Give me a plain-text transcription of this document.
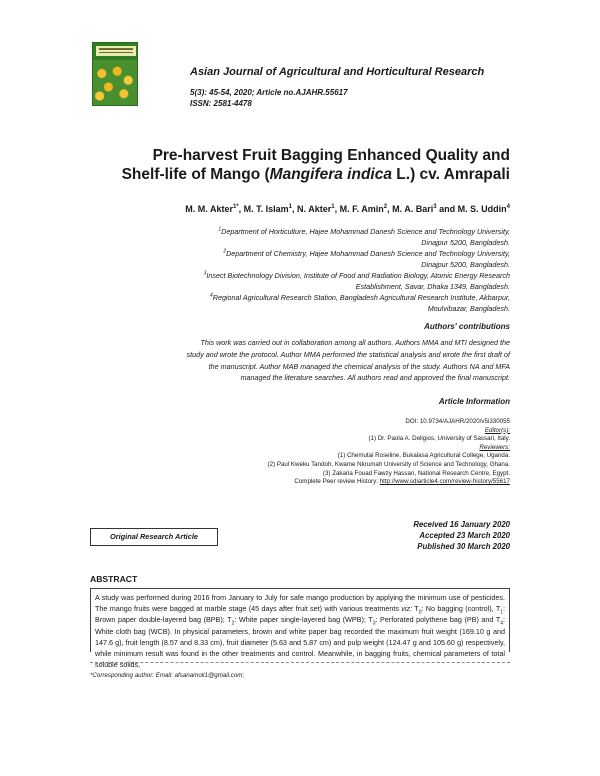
Asian Journal of Agricultural and Horticultural Research
5(3): 45-54, 2020; Article no.AJAHR.55617
ISSN: 2581-4478
Pre-harvest Fruit Bagging Enhanced Quality and
Shelf-life of Mango (Mangifera indica L.) cv. Amrapali
M. M. Akter$^{1*}$, M. T. Islam$^1$, N. Akter$^1$, M. F. Amin$^2$, M. A. Bari$^3$ and M. S. Uddin$^4$
$^1$Department of Horticulture, Hajee Mohammad Danesh Science and Technology University,
Dinajpur 5200, Bangladesh.
$^2$Department of Chemistry, Hajee Mohammad Danesh Science and Technology University,
Dinajpur 5200, Bangladesh.
$^3$Insect Biotechnology Division, Institute of Food and Radiation Biology, Atomic Energy Research
Establishment, Savar, Dhaka 1349, Bangladesh.
$^4$Regional Agricultural Research Station, Bangladesh Agricultural Research Institute, Akbarpur,
Moulvibazar, Bangladesh.
Authors' contributions
This work was carried out in collaboration among all authors. Authors MMA and MTI designed the
study and wrote the protocol. Author MMA performed the statistical analysis and wrote the first draft of
the manuscript. Author MAB managed the chemical analysis of the study. Authors NA and MFA
managed the literature searches. All authors read and approved the final manuscript.
Article Information
DOI: 10.9734/AJAHR/2020/v5i330055
Editor(s):
(1) Dr. Paola A. Deligios, University of Sassari, Italy.
Reviewers:
(1) Chemutai Roseline, Bukalasa Agricultural College, Uganda.
(2) Paul Kweku Tandoh, Kwame Nkrumah University of Science and Technology, Ghana.
(3) Zakaria Fouad Fawzy Hassan, National Research Centre, Egypt.
Complete Peer review History: http://www.sdiarticle4.com/review-history/55617
Original Research Article
Received 16 January 2020
Accepted 23 March 2020
Published 30 March 2020
ABSTRACT
A study was performed during 2016 from January to July for safe mango production by applying the minimum use of pesticides. The mango fruits were bagged at marble stage (45 days after fruit set) with various treatments viz: $T_0$: No bagging (control), $T_1$: Brown paper double-layered bag (BPB); $T_2$: White paper single-layered bag (WPB); $T_3$: Perforated polythene bag (PB) and $T_4$: White cloth bag (WCB). In physical parameters, brown and white paper bag recorded the maximum fruit weight (169.10 g and 147.6 g), fruit length (8.57 and 8.33 cm), fruit diameter (5.63 and 5.87 cm) and pulp weight (124.47 g and 105.60 g) respectively, while minimum result was found in the other treatments and control. Meanwhile, in bagging fruits, chemical parameters of total soluble solids,
*Corresponding author: Email: afsanamoli1@gmail.com;
